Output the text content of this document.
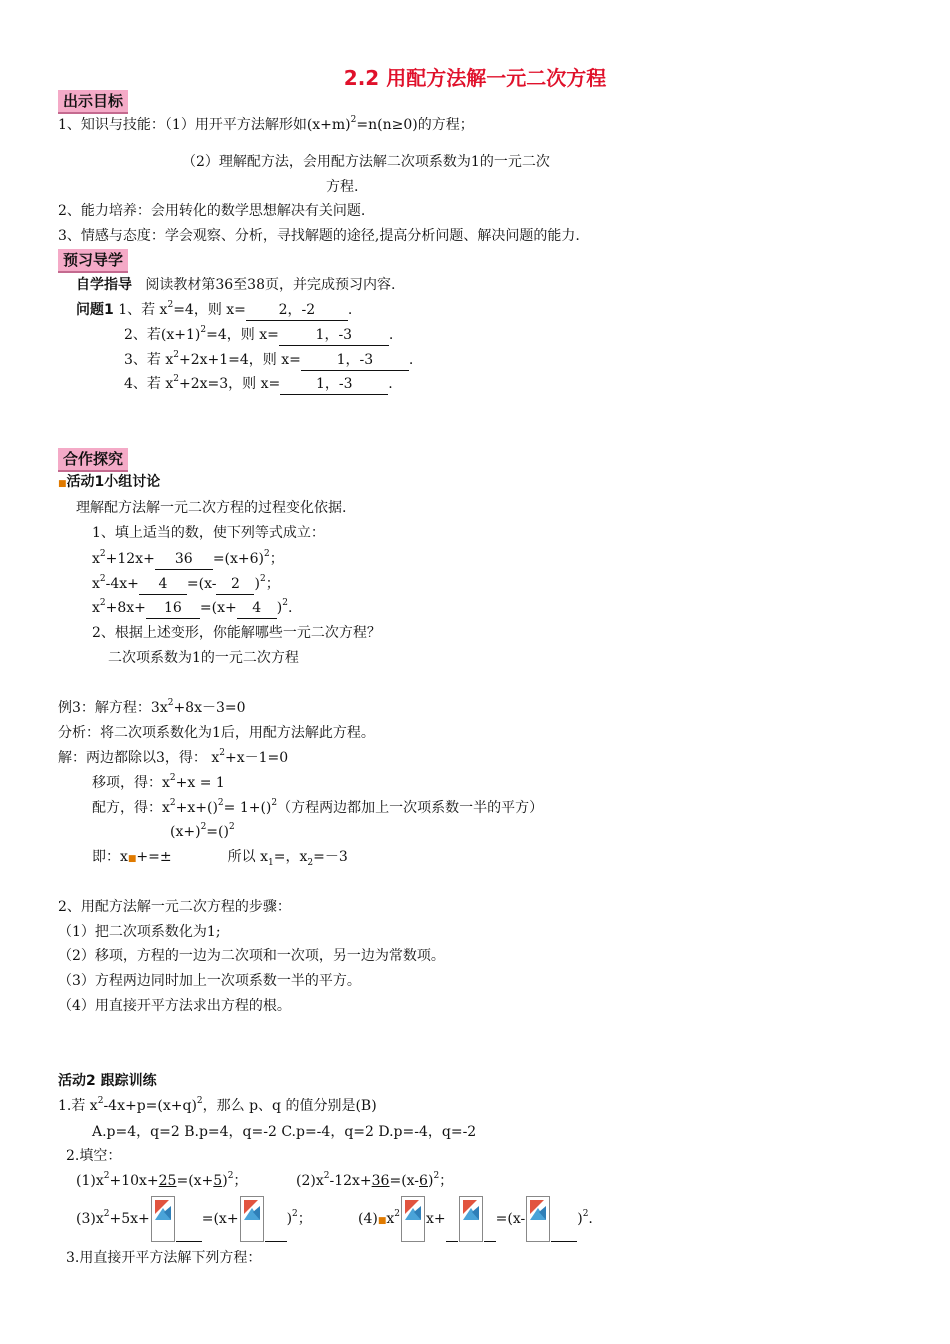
2.2 用配方法解一元二次方程
出示目标
1、知识与技能：（1）用开平方法解形如$(x+m)^2=n(n\ge 0)$的方程；
（2）理解配方法，会用配方法解二次项系数为1的一元二次
方程.
2、能力培养：会用转化的数学思想解决有关问题.
3、情感与态度：学会观察、分析，寻找解题的途径,提高分析问题、解决问题的能力.
预习导学
自学指导 阅读教材第36至38页，并完成预习内容.
问题1 1、若 $x^2=4$，则 x= 2，-2 .
2、若$(x+1)^2=4$，则 x=	1，-3	.
3、若 $x^2+2x+1=4$，则 x=	1，-3	.
4、若 $x^2+2x=3$，则 x=	1，-3	.
合作探究
■活动1小组讨论
理解配方法解一元二次方程的过程变化依据.
1、填上适当的数，使下列等式成立：
$x^2+12x+ 36 =(x+6)^2$；
$x^2-4x+ 4 =(x-$ 2 )$^2$；
$x^2+8x+ 16 =(x+ 4$ )$^2$.
2、根据上述变形，你能解哪些一元二次方程？
二次项系数为1的一元二次方程
例3：解方程：$3x^2+8x-3=0$
分析：将二次项系数化为1后，用配方法解此方程。
解：两边都除以3，得： $x^2+x-1=0$
移项，得：$x^2+x = 1$
配方，得：$x^2+x+()^2= 1+()^2$（方程两边都加上一次项系数一半的平方）
$(x+)^2=()^2$
即：x■+=±	所以 $x_1=$，$x_2=-3$
2、用配方法解一元二次方程的步骤：
（1）把二次项系数化为1;
（2）移项，方程的一边为二次项和一次项，另一边为常数项。
（3）方程两边同时加上一次项系数一半的平方。
（4）用直接开平方法求出方程的根。
活动2 跟踪训练
1.若 $x^2-4x+p=(x+q)^2$，那么 p、q 的值分别是(B)
A.p=4，q=2 B.p=4，q=-2 C.p=-4，q=2 D.p=-4，q=-2
2.填空：
$(1)x^2+10x+25=(x+5)^2$；	$(2)x^2-12x+36=(x-6)^2$；
$(3)x^2+5x+$	=(x+	)$^2$；	$(4)■x^2$ x+	=(x-	)$^2$.
3.用直接开平方法解下列方程：
